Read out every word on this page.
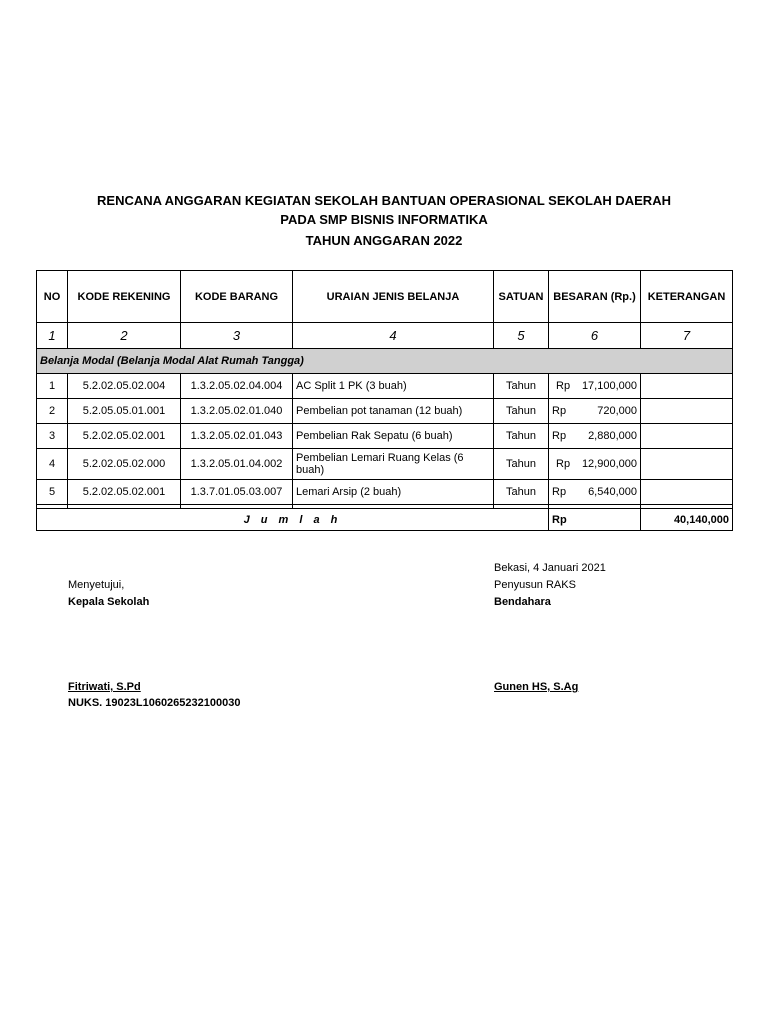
RENCANA ANGGARAN KEGIATAN SEKOLAH BANTUAN OPERASIONAL SEKOLAH DAERAH
PADA SMP BISNIS INFORMATIKA
TAHUN ANGGARAN 2022
NO	KODE REKENING	KODE BARANG	URAIAN JENIS BELANJA	SATUAN	BESARAN (Rp.)	KETERANGAN
1	2	3	4	5	6	7
Belanja Modal (Belanja Modal Alat Rumah Tangga)						
1	5.2.02.05.02.004	1.3.2.05.02.04.004	AC Split 1 PK (3 buah)	Tahun	Rp 17,100,000	

2	5.2.05.05.01.001	1.3.2.05.02.01.040	Pembelian pot tanaman (12 buah)	Tahun	Rp 720,000	

3	5.2.02.05.02.001	1.3.2.05.02.01.043	Pembelian Rak Sepatu (6 buah)	Tahun	Rp 2,880,000	

4	5.2.02.05.02.000	1.3.2.05.01.04.002	Pembelian Lemari Ruang Kelas (6 buah)	Tahun	Rp 12,900,000	

5	5.2.02.05.02.001	1.3.7.01.05.03.007	Lemari Arsip (2 buah)	Tahun	Rp 6,540,000	

J u m l a h					Rp	40,140,000
Bekasi, 4 Januari 2021
Menyetujui,	Penyusun RAKS
Kepala Sekolah	Bendahara
Fitriwati, S.Pd	Gunen HS, S.Ag
NUKS. 19023L1060265232100030
